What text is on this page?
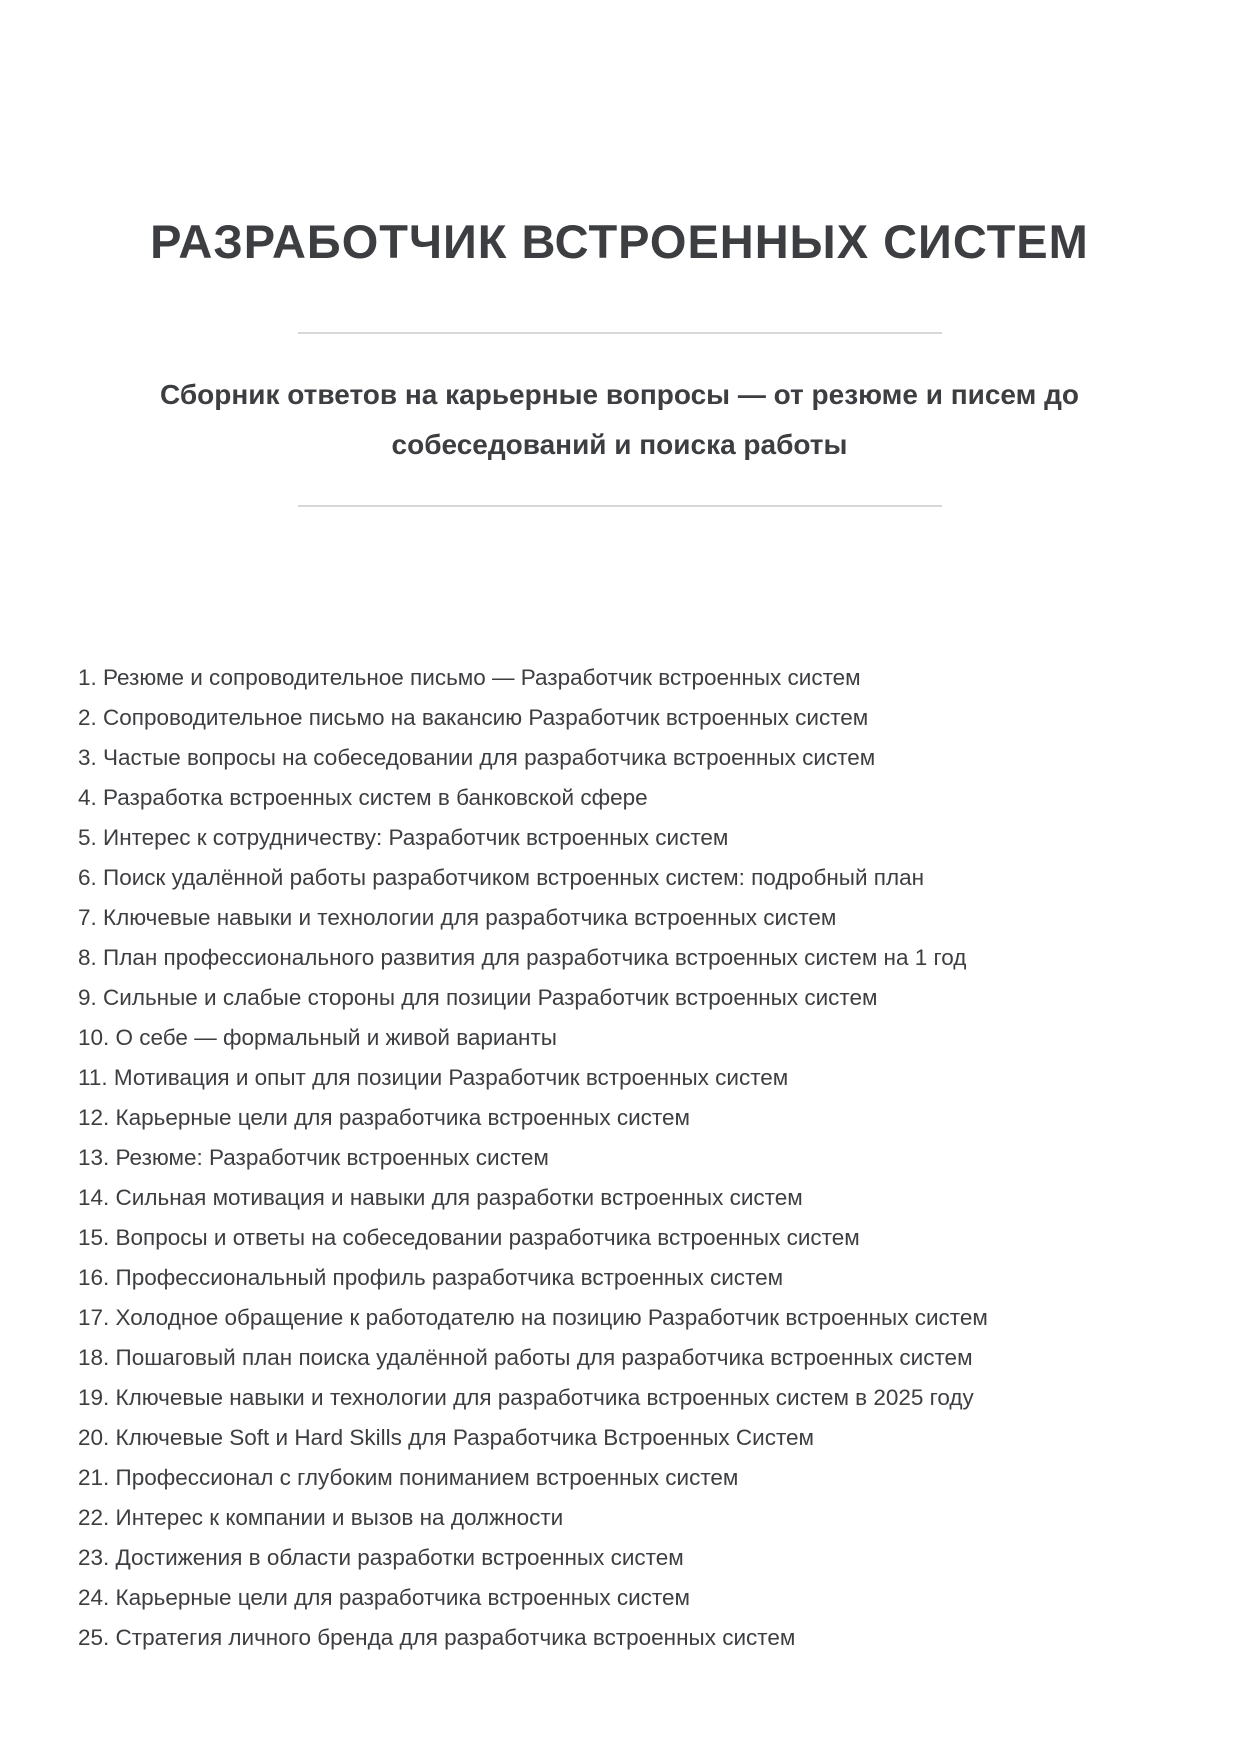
РАЗРАБОТЧИК ВСТРОЕННЫХ СИСТЕМ
Сборник ответов на карьерные вопросы — от резюме и писем до
собеседований и поиска работы
1. Резюме и сопроводительное письмо — Разработчик встроенных систем
2. Сопроводительное письмо на вакансию Разработчик встроенных систем
3. Частые вопросы на собеседовании для разработчика встроенных систем
4. Разработка встроенных систем в банковской сфере
5. Интерес к сотрудничеству: Разработчик встроенных систем
6. Поиск удалённой работы разработчиком встроенных систем: подробный план
7. Ключевые навыки и технологии для разработчика встроенных систем
8. План профессионального развития для разработчика встроенных систем на 1 год
9. Сильные и слабые стороны для позиции Разработчик встроенных систем
10. О себе — формальный и живой варианты
11. Мотивация и опыт для позиции Разработчик встроенных систем
12. Карьерные цели для разработчика встроенных систем
13. Резюме: Разработчик встроенных систем
14. Сильная мотивация и навыки для разработки встроенных систем
15. Вопросы и ответы на собеседовании разработчика встроенных систем
16. Профессиональный профиль разработчика встроенных систем
17. Холодное обращение к работодателю на позицию Разработчик встроенных систем
18. Пошаговый план поиска удалённой работы для разработчика встроенных систем
19. Ключевые навыки и технологии для разработчика встроенных систем в 2025 году
20. Ключевые Soft и Hard Skills для Разработчика Встроенных Систем
21. Профессионал с глубоким пониманием встроенных систем
22. Интерес к компании и вызов на должности
23. Достижения в области разработки встроенных систем
24. Карьерные цели для разработчика встроенных систем
25. Стратегия личного бренда для разработчика встроенных систем
